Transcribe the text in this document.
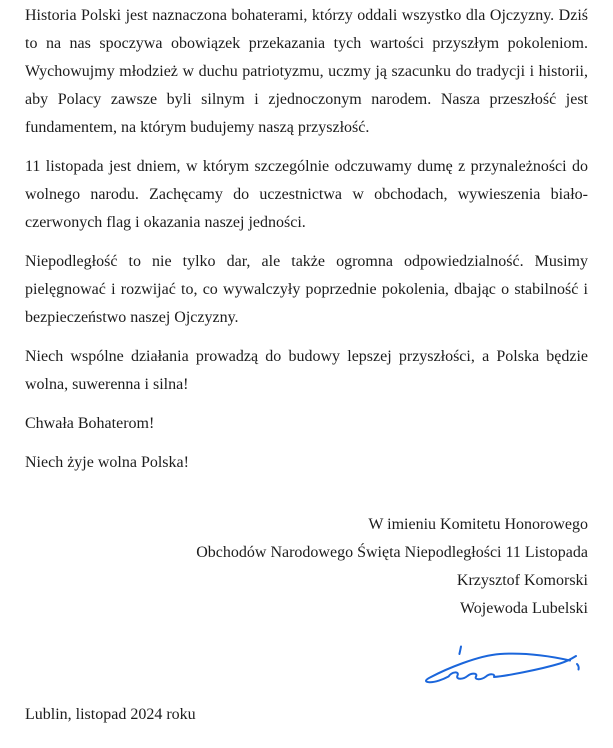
Historia Polski jest naznaczona bohaterami, którzy oddali wszystko dla Ojczyzny. Dziś to na nas spoczywa obowiązek przekazania tych wartości przyszłym pokoleniom. Wychowujmy młodzież w duchu patriotyzmu, uczmy ją szacunku do tradycji i historii, aby Polacy zawsze byli silnym i zjednoczonym narodem. Nasza przeszłość jest fundamentem, na którym budujemy naszą przyszłość.

11 listopada jest dniem, w którym szczególnie odczuwamy dumę z przynależności do wolnego narodu. Zachęcamy do uczestnictwa w obchodach, wywieszenia biało-czerwonych flag i okazania naszej jedności.

Niepodległość to nie tylko dar, ale także ogromna odpowiedzialność. Musimy pielęgnować i rozwijać to, co wywalczyły poprzednie pokolenia, dbając o stabilność i bezpieczeństwo naszej Ojczyzny.

Niech wspólne działania prowadzą do budowy lepszej przyszłości, a Polska będzie wolna, suwerenna i silna!

Chwała Bohaterom!

Niech żyje wolna Polska!

W imieniu Komitetu Honorowego
Obchodów Narodowego Święta Niepodległości 11 Listopada
Krzysztof Komorski
Wojewoda Lubelski

Lublin, listopad 2024 roku
